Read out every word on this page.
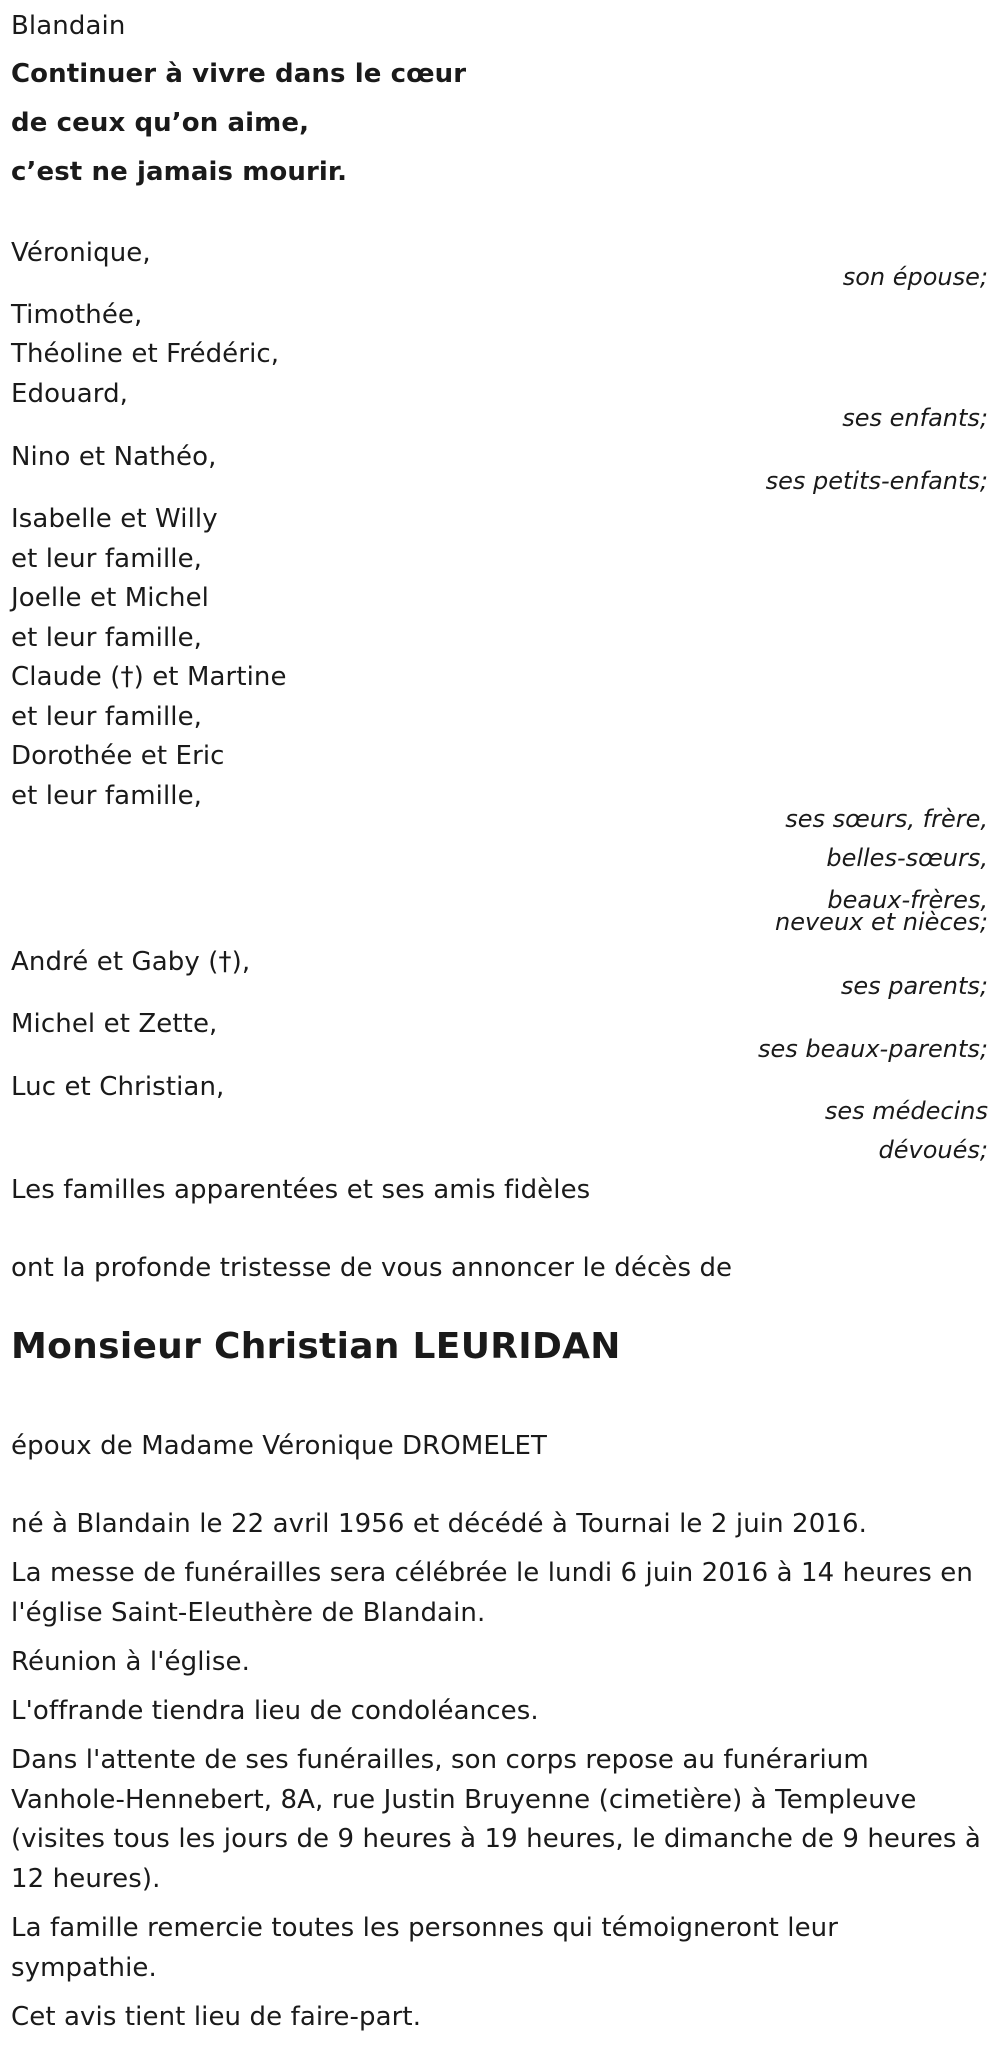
Blandain
Continuer à vivre dans le cœur
de ceux qu’on aime,
c’est ne jamais mourir.
Véronique,
son épouse;
Timothée,
Théoline et Frédéric,
Edouard,
ses enfants;
Nino et Nathéo,
ses petits-enfants;
Isabelle et Willy
et leur famille,
Joelle et Michel
et leur famille,
Claude (†) et Martine
et leur famille,
Dorothée et Eric
et leur famille,
ses sœurs, frère,
belles-sœurs,
beaux-frères,
neveux et nièces;
André et Gaby (†),
ses parents;
Michel et Zette,
ses beaux-parents;
Luc et Christian,
ses médecins
dévoués;
Les familles apparentées et ses amis fidèles
ont la profonde tristesse de vous annoncer le décès de
Monsieur Christian LEURIDAN
époux de Madame Véronique DROMELET
né à Blandain le 22 avril 1956 et décédé à Tournai le 2 juin 2016.
La messe de funérailles sera célébrée le lundi 6 juin 2016 à 14 heures en
l'église Saint-Eleuthère de Blandain.
Réunion à l'église.
L'offrande tiendra lieu de condoléances.
Dans l'attente de ses funérailles, son corps repose au funérarium
Vanhole-Hennebert, 8A, rue Justin Bruyenne (cimetière) à Templeuve
(visites tous les jours de 9 heures à 19 heures, le dimanche de 9 heures à
12 heures).
La famille remercie toutes les personnes qui témoigneront leur
sympathie.
Cet avis tient lieu de faire-part.
